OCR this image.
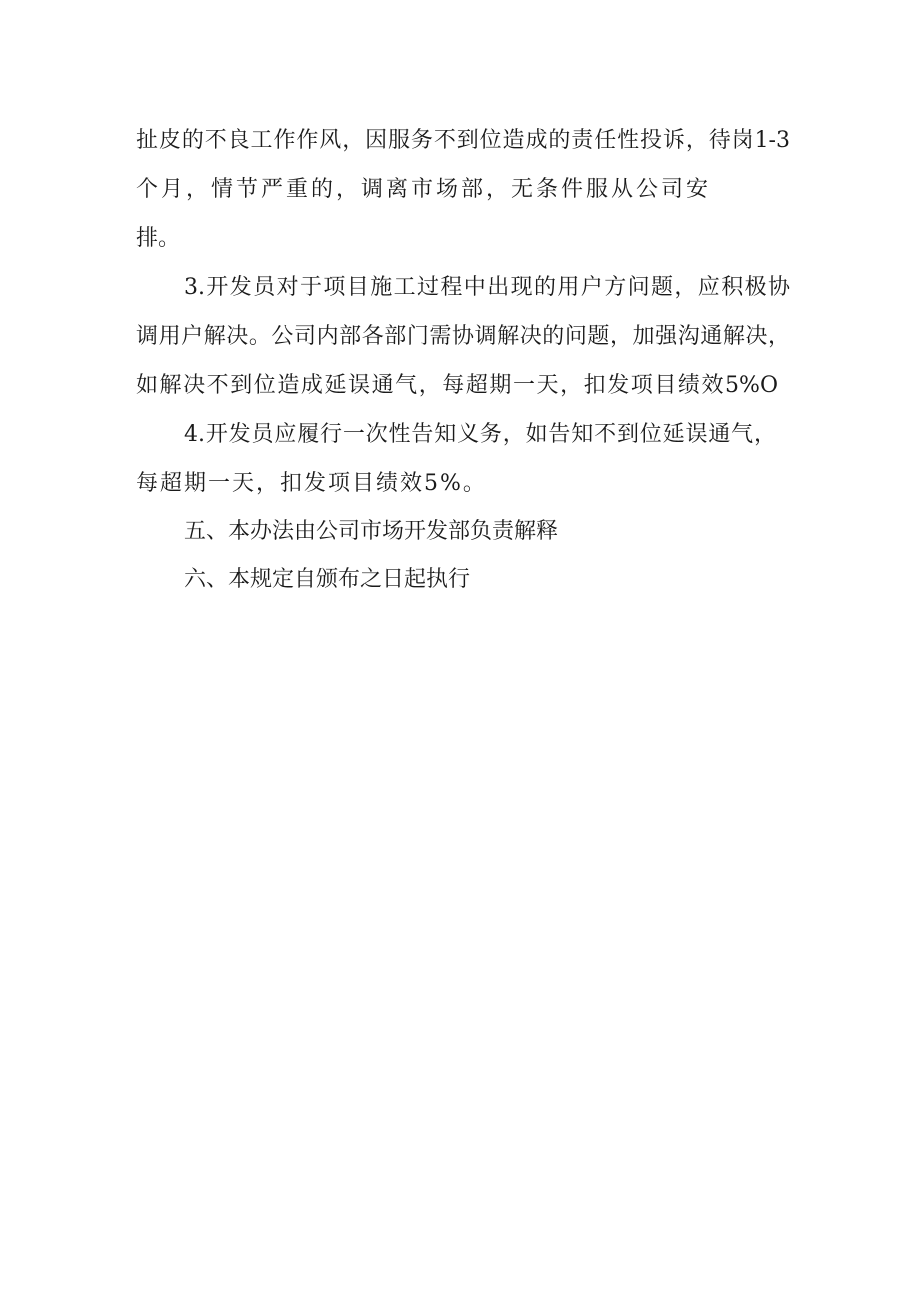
扯皮的不良工作作风，因服务不到位造成的责任性投诉，待岗1-3
个月，情节严重的，调离市场部，无条件服从公司安
排。
3.开发员对于项目施工过程中出现的用户方问题，应积极协
调用户解决。公司内部各部门需协调解决的问题，加强沟通解决，
如解决不到位造成延误通气，每超期一天，扣发项目绩效5%O
4.开发员应履行一次性告知义务，如告知不到位延误通气，
每超期一天，扣发项目绩效5%。
五、本办法由公司市场开发部负责解释
六、本规定自颁布之日起执行
